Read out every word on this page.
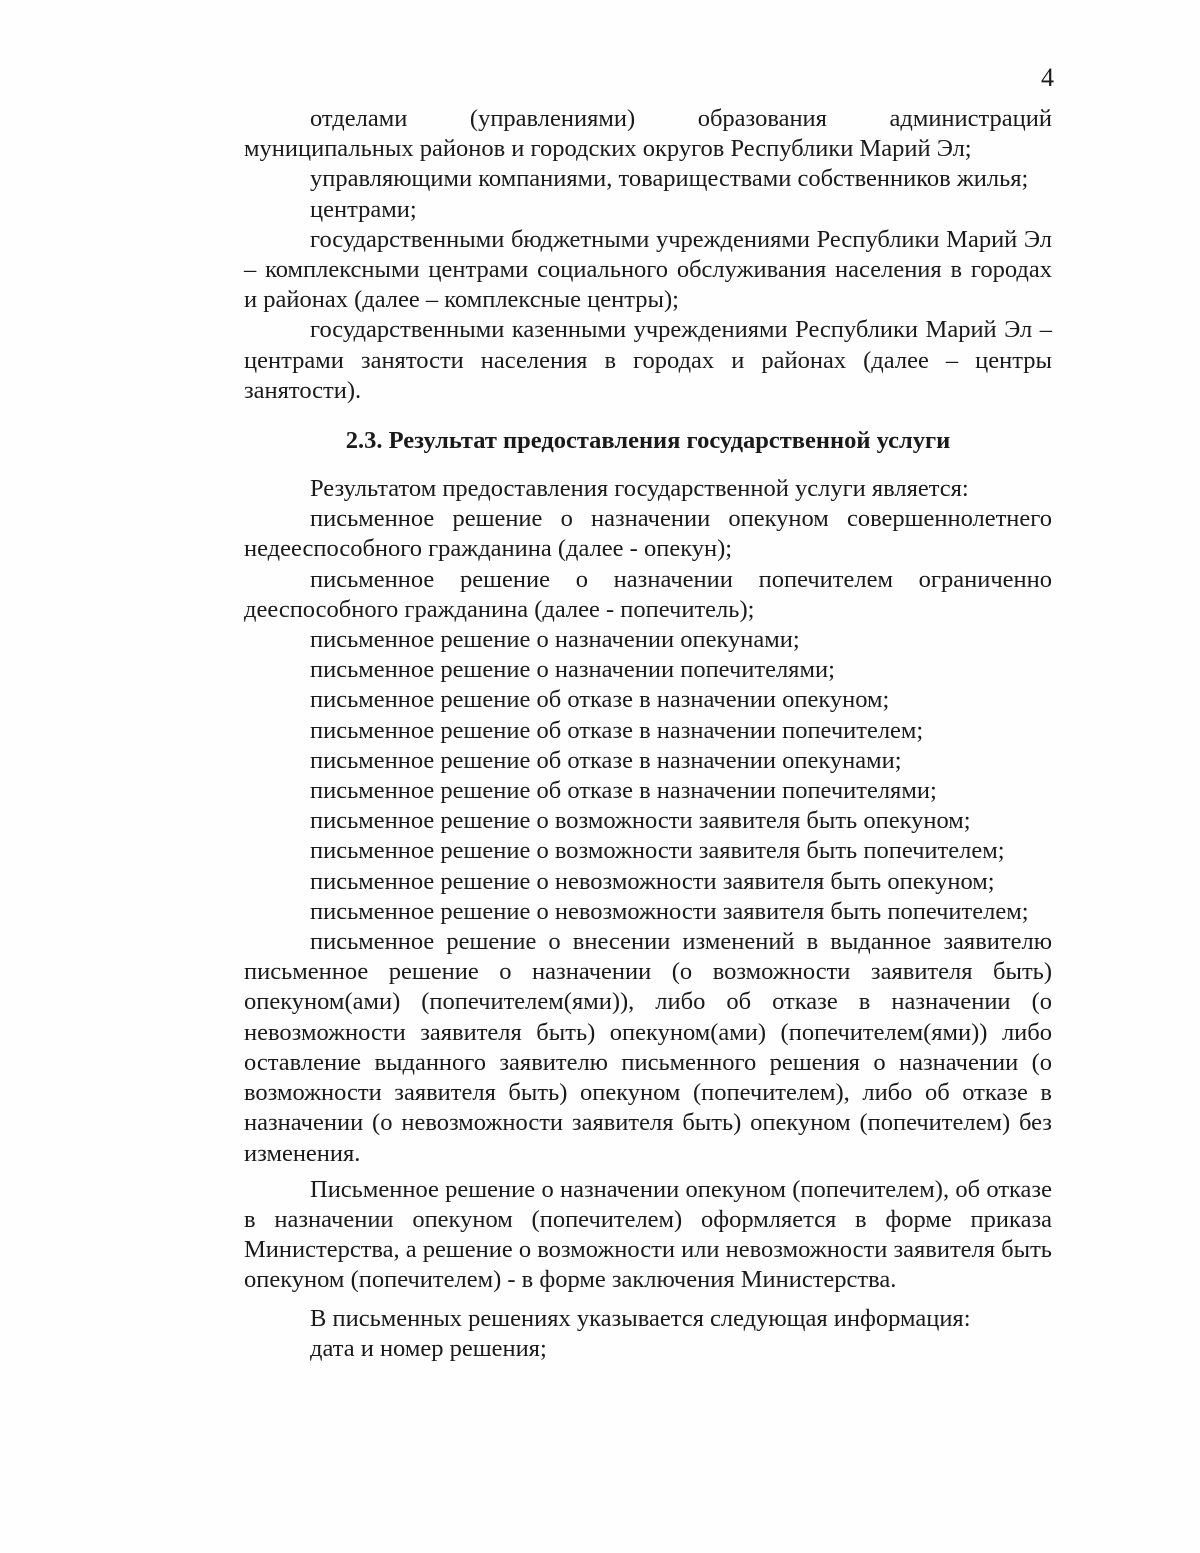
4

отделами (управлениями) образования администраций муниципальных районов и городских округов Республики Марий Эл;

управляющими компаниями, товариществами собственников жилья;

центрами;

государственными бюджетными учреждениями Республики Марий Эл – комплексными центрами социального обслуживания населения в городах и районах (далее – комплексные центры);

государственными казенными учреждениями Республики Марий Эл – центрами занятости населения в городах и районах (далее – центры занятости).

2.3. Результат предоставления государственной услуги

Результатом предоставления государственной услуги является:

письменное решение о назначении опекуном совершеннолетнего недееспособного гражданина (далее - опекун);

письменное решение о назначении попечителем ограниченно дееспособного гражданина (далее - попечитель);

письменное решение о назначении опекунами;

письменное решение о назначении попечителями;

письменное решение об отказе в назначении опекуном;

письменное решение об отказе в назначении попечителем;

письменное решение об отказе в назначении опекунами;

письменное решение об отказе в назначении попечителями;

письменное решение о возможности заявителя быть опекуном;

письменное решение о возможности заявителя быть попечителем;

письменное решение о невозможности заявителя быть опекуном;

письменное решение о невозможности заявителя быть попечителем;

письменное решение о внесении изменений в выданное заявителю письменное решение о назначении (о возможности заявителя быть) опекуном(ами) (попечителем(ями)), либо об отказе в назначении (о невозможности заявителя быть) опекуном(ами) (попечителем(ями)) либо оставление выданного заявителю письменного решения о назначении (о возможности заявителя быть) опекуном (попечителем), либо об отказе в назначении (о невозможности заявителя быть) опекуном (попечителем) без изменения.

Письменное решение о назначении опекуном (попечителем), об отказе в назначении опекуном (попечителем) оформляется в форме приказа Министерства, а решение о возможности или невозможности заявителя быть опекуном (попечителем) - в форме заключения Министерства.

В письменных решениях указывается следующая информация:

дата и номер решения;
